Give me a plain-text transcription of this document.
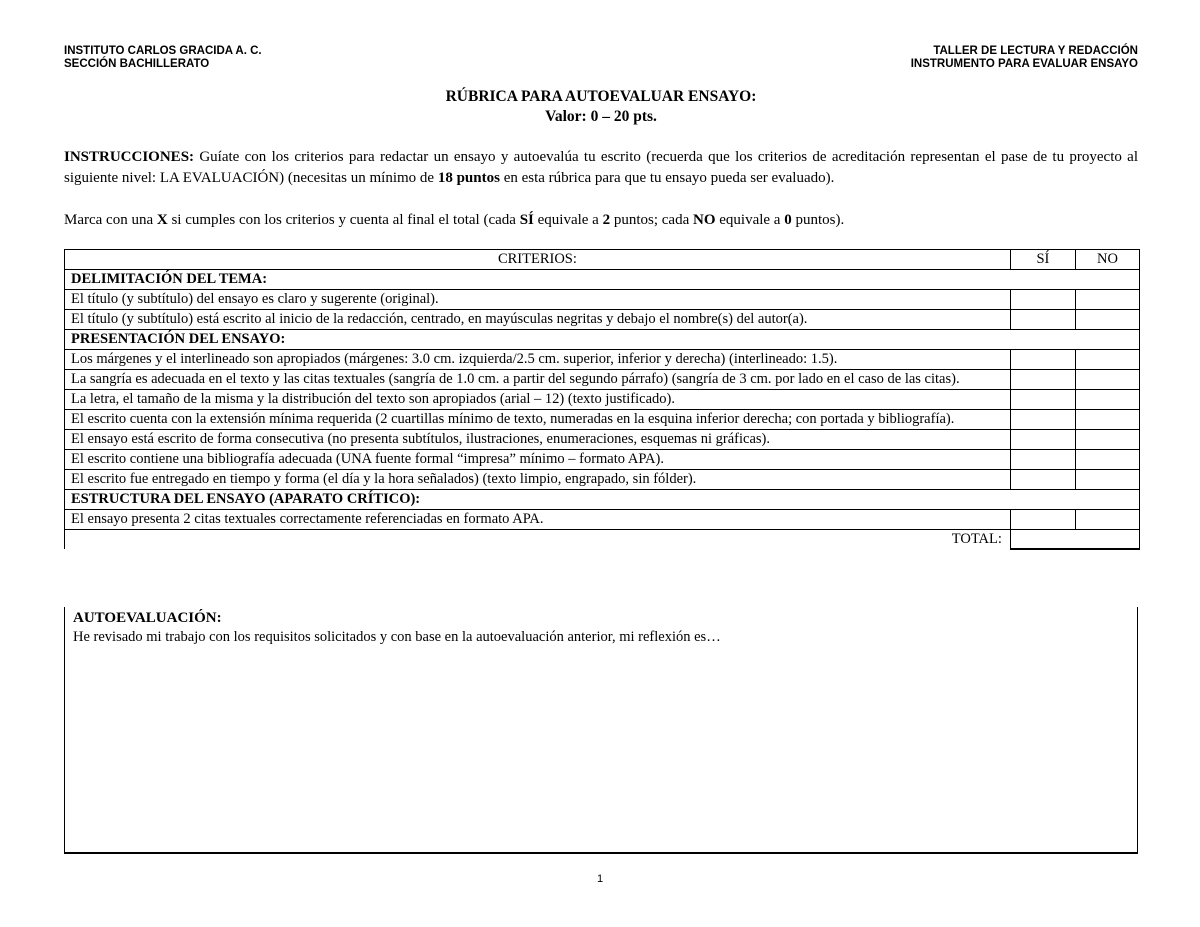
INSTITUTO CARLOS GRACIDA A. C.
SECCIÓN BACHILLERATO
TALLER DE LECTURA Y REDACCIÓN
INSTRUMENTO PARA EVALUAR ENSAYO
RÚBRICA PARA AUTOEVALUAR ENSAYO:
Valor: 0 – 20 pts.
INSTRUCCIONES: Guíate con los criterios para redactar un ensayo y autoevalúa tu escrito (recuerda que los criterios de acreditación representan el pase de tu proyecto al siguiente nivel: LA EVALUACIÓN) (necesitas un mínimo de 18 puntos en esta rúbrica para que tu ensayo pueda ser evaluado).
Marca con una X si cumples con los criterios y cuenta al final el total (cada SÍ equivale a 2 puntos; cada NO equivale a 0 puntos).
CRITERIOS:	SÍ	NO
DELIMITACIÓN DEL TEMA:		
El título (y subtítulo) del ensayo es claro y sugerente (original).		
El título (y subtítulo) está escrito al inicio de la redacción, centrado, en mayúsculas negritas y debajo el nombre(s) del autor(a).		
PRESENTACIÓN DEL ENSAYO:		
Los márgenes y el interlineado son apropiados (márgenes: 3.0 cm. izquierda/2.5 cm. superior, inferior y derecha) (interlineado: 1.5).		
La sangría es adecuada en el texto y las citas textuales (sangría de 1.0 cm. a partir del segundo párrafo) (sangría de 3 cm. por lado en el caso de las citas).		
La letra, el tamaño de la misma y la distribución del texto son apropiados (arial – 12) (texto justificado).		
El escrito cuenta con la extensión mínima requerida (2 cuartillas mínimo de texto, numeradas en la esquina inferior derecha; con portada y bibliografía).		
El ensayo está escrito de forma consecutiva (no presenta subtítulos, ilustraciones, enumeraciones, esquemas ni gráficas).		
El escrito contiene una bibliografía adecuada (UNA fuente formal “impresa” mínimo – formato APA).		
El escrito fue entregado en tiempo y forma (el día y la hora señalados) (texto limpio, engrapado, sin fólder).		
ESTRUCTURA DEL ENSAYO (APARATO CRÍTICO):		
El ensayo presenta 2 citas textuales correctamente referenciadas en formato APA.		
TOTAL:		
AUTOEVALUACIÓN:
He revisado mi trabajo con los requisitos solicitados y con base en la autoevaluación anterior, mi reflexión es…
1
